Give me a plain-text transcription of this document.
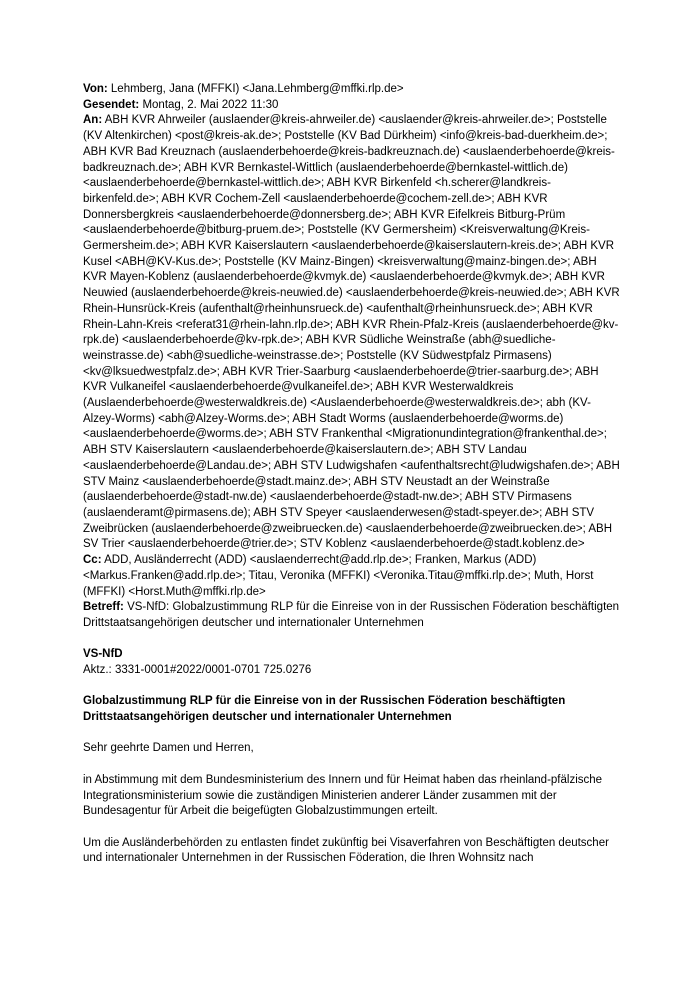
Von: Lehmberg, Jana (MFFKI) <Jana.Lehmberg@mffki.rlp.de>

Gesendet: Montag, 2. Mai 2022 11:30

An: ABH KVR Ahrweiler (auslaender@kreis-ahrweiler.de) <auslaender@kreis-ahrweiler.de>; Poststelle (KV Altenkirchen) <post@kreis-ak.de>; Poststelle (KV Bad Dürkheim) <info@kreis-bad-duerkheim.de>; ABH KVR Bad Kreuznach (auslaenderbehoerde@kreis-badkreuznach.de) <auslaenderbehoerde@kreis-badkreuznach.de>; ABH KVR Bernkastel-Wittlich (auslaenderbehoerde@bernkastel-wittlich.de) <auslaenderbehoerde@bernkastel-wittlich.de>; ABH KVR Birkenfeld <h.scherer@landkreis-birkenfeld.de>; ABH KVR Cochem-Zell <auslaenderbehoerde@cochem-zell.de>; ABH KVR Donnersbergkreis <auslaenderbehoerde@donnersberg.de>; ABH KVR Eifelkreis Bitburg-Prüm <auslaenderbehoerde@bitburg-pruem.de>; Poststelle (KV Germersheim) <Kreisverwaltung@Kreis-Germersheim.de>; ABH KVR Kaiserslautern <auslaenderbehoerde@kaiserslautern-kreis.de>; ABH KVR Kusel <ABH@KV-Kus.de>; Poststelle (KV Mainz-Bingen) <kreisverwaltung@mainz-bingen.de>; ABH KVR Mayen-Koblenz (auslaenderbehoerde@kvmyk.de) <auslaenderbehoerde@kvmyk.de>; ABH KVR Neuwied (auslaenderbehoerde@kreis-neuwied.de) <auslaenderbehoerde@kreis-neuwied.de>; ABH KVR Rhein-Hunsrück-Kreis (aufenthalt@rheinhunsrueck.de) <aufenthalt@rheinhunsrueck.de>; ABH KVR Rhein-Lahn-Kreis <referat31@rhein-lahn.rlp.de>; ABH KVR Rhein-Pfalz-Kreis (auslaenderbehoerde@kv-rpk.de) <auslaenderbehoerde@kv-rpk.de>; ABH KVR Südliche Weinstraße (abh@suedliche-weinstrasse.de) <abh@suedliche-weinstrasse.de>; Poststelle (KV Südwestpfalz Pirmasens) <kv@lksuedwestpfalz.de>; ABH KVR Trier-Saarburg <auslaenderbehoerde@trier-saarburg.de>; ABH KVR Vulkaneifel <auslaenderbehoerde@vulkaneifel.de>; ABH KVR Westerwaldkreis (Auslaenderbehoerde@westerwaldkreis.de) <Auslaenderbehoerde@westerwaldkreis.de>; abh (KV-Alzey-Worms) <abh@Alzey-Worms.de>; ABH Stadt Worms (auslaenderbehoerde@worms.de) <auslaenderbehoerde@worms.de>; ABH STV Frankenthal <Migrationundintegration@frankenthal.de>; ABH STV Kaiserslautern <auslaenderbehoerde@kaiserslautern.de>; ABH STV Landau <auslaenderbehoerde@Landau.de>; ABH STV Ludwigshafen <aufenthaltsrecht@ludwigshafen.de>; ABH STV Mainz <auslaenderbehoerde@stadt.mainz.de>; ABH STV Neustadt an der Weinstraße (auslaenderbehoerde@stadt-nw.de) <auslaenderbehoerde@stadt-nw.de>; ABH STV Pirmasens (auslaenderamt@pirmasens.de); ABH STV Speyer <auslaenderwesen@stadt-speyer.de>; ABH STV Zweibrücken (auslaenderbehoerde@zweibruecken.de) <auslaenderbehoerde@zweibruecken.de>; ABH SV Trier <auslaenderbehoerde@trier.de>; STV Koblenz <auslaenderbehoerde@stadt.koblenz.de>

Cc: ADD, Ausländerrecht (ADD) <auslaenderrecht@add.rlp.de>; Franken, Markus (ADD) <Markus.Franken@add.rlp.de>; Titau, Veronika (MFFKI) <Veronika.Titau@mffki.rlp.de>; Muth, Horst (MFFKI) <Horst.Muth@mffki.rlp.de>

Betreff: VS-NfD: Globalzustimmung RLP für die Einreise von in der Russischen Föderation beschäftigten Drittstaatsangehörigen deutscher und internationaler Unternehmen

VS-NfD

Aktz.: 3331-0001#2022/0001-0701 725.0276

Globalzustimmung RLP für die Einreise von in der Russischen Föderation beschäftigten Drittstaatsangehörigen deutscher und internationaler Unternehmen

Sehr geehrte Damen und Herren,

in Abstimmung mit dem Bundesministerium des Innern und für Heimat haben das rheinland-pfälzische Integrationsministerium sowie die zuständigen Ministerien anderer Länder zusammen mit der Bundesagentur für Arbeit die beigefügten Globalzustimmungen erteilt.

Um die Ausländerbehörden zu entlasten findet zukünftig bei Visaverfahren von Beschäftigten deutscher und internationaler Unternehmen in der Russischen Föderation, die Ihren Wohnsitz nach
